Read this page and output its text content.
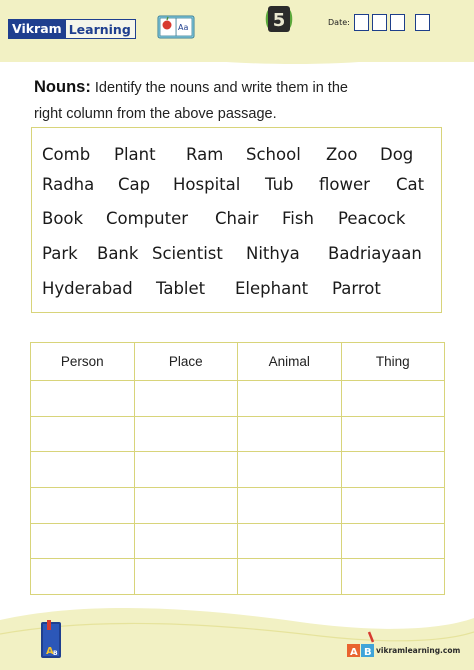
Vikram Learning	Aa	5	Date:
Nouns: Identify the nouns and write them in the
right column from the above passage.
Comb Plant Ram School Zoo Dog
Radha Cap Hospital Tub flower Cat
Book Computer Chair Fish Peacock
Park Bank Scientist Nithya Badriayaan
Hyderabad Tablet Elephant Parrot
Person	Place	Animal	Thing

A B	A B vikramlearning.com
